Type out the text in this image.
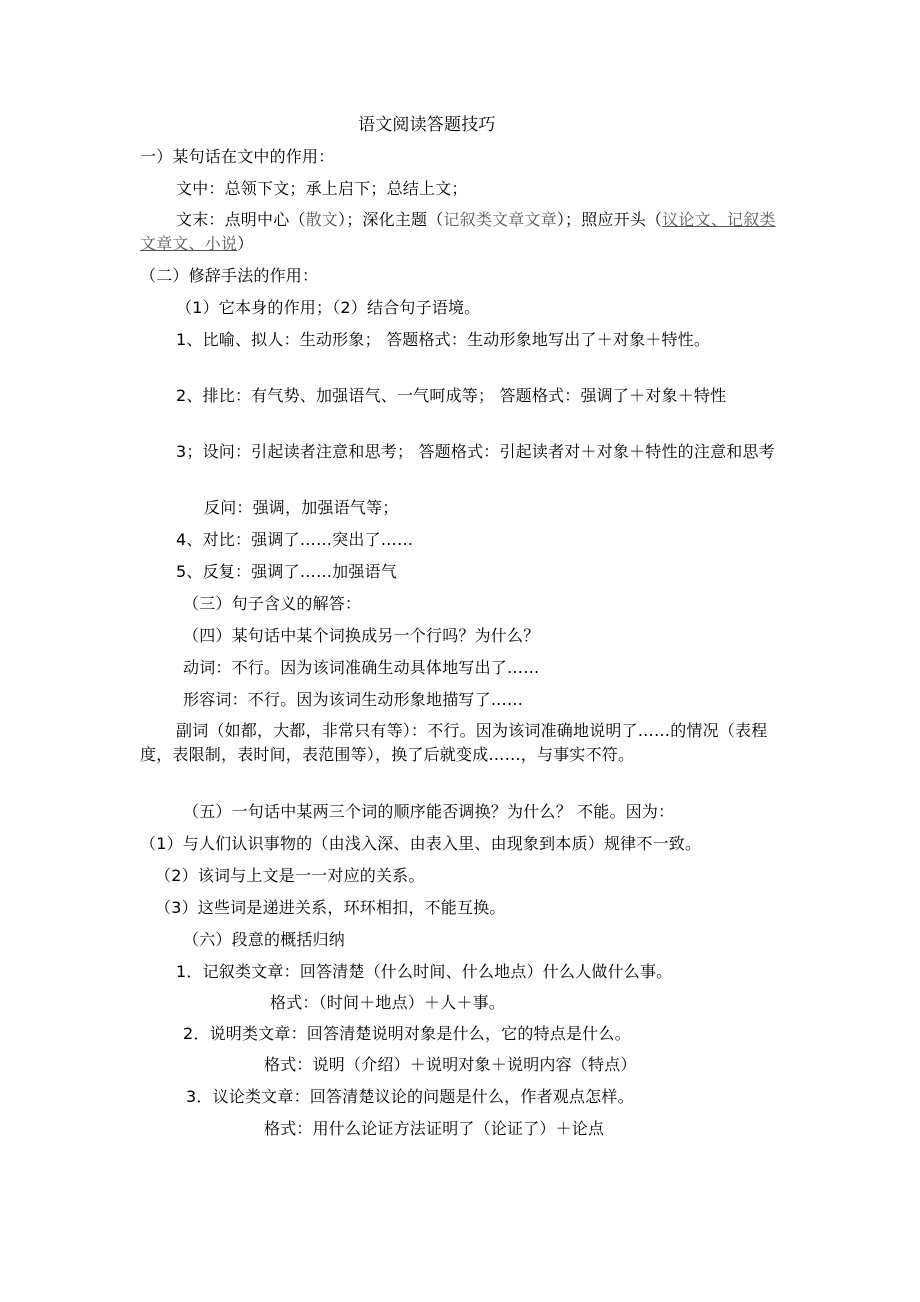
语文阅读答题技巧
一）某句话在文中的作用：
文中：总领下文；承上启下；总结上文；
文末：点明中心（散文）；深化主题（记叙类文章文章）；照应开头（议论文、记叙类文章文、小说）
（二）修辞手法的作用：
（1）它本身的作用；（2）结合句子语境。
1、比喻、拟人：生动形象； 答题格式：生动形象地写出了＋对象＋特性。
2、排比：有气势、加强语气、一气呵成等； 答题格式：强调了＋对象＋特性
3；设问：引起读者注意和思考； 答题格式：引起读者对＋对象＋特性的注意和思考
反问：强调，加强语气等；
4、对比：强调了……突出了……
5、反复：强调了……加强语气
（三）句子含义的解答：
（四）某句话中某个词换成另一个行吗？为什么？
动词：不行。因为该词准确生动具体地写出了……
形容词：不行。因为该词生动形象地描写了……
副词（如都，大都，非常只有等）：不行。因为该词准确地说明了……的情况（表程度，表限制，表时间，表范围等），换了后就变成……，与事实不符。
（五）一句话中某两三个词的顺序能否调换？为什么？ 不能。因为：
（1）与人们认识事物的（由浅入深、由表入里、由现象到本质）规律不一致。
（2）该词与上文是一一对应的关系。
（3）这些词是递进关系，环环相扣，不能互换。
（六）段意的概括归纳
1．记叙类文章：回答清楚（什么时间、什么地点）什么人做什么事。
格式：（时间＋地点）＋人＋事。
2．说明类文章：回答清楚说明对象是什么，它的特点是什么。
格式：说明（介绍）＋说明对象＋说明内容（特点）
3．议论类文章：回答清楚议论的问题是什么，作者观点怎样。
格式：用什么论证方法证明了（论证了）＋论点
